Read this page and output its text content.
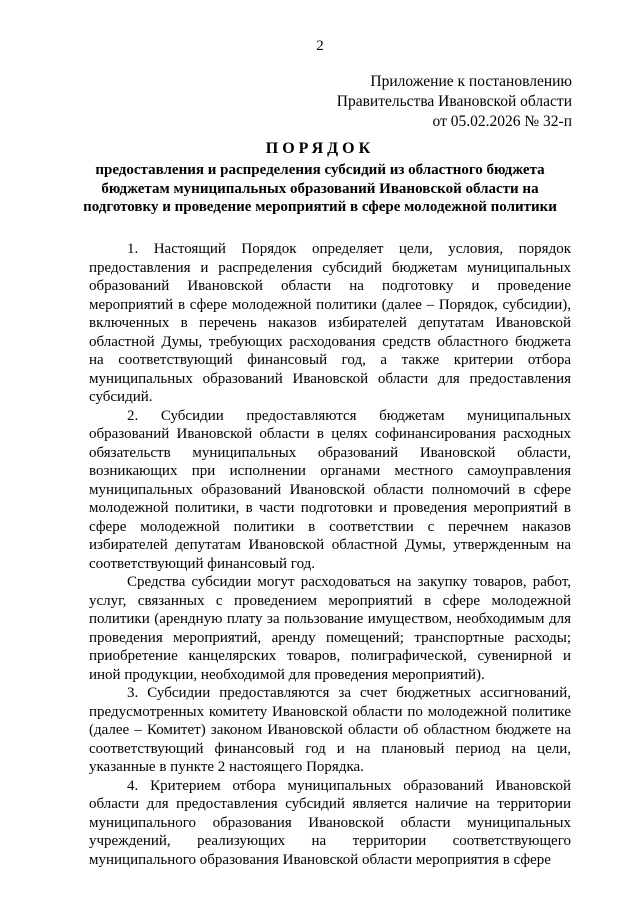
2
Приложение к постановлению
Правительства Ивановской области
от 05.02.2026 № 32-п
ПОРЯДОК
предоставления и распределения субсидий из областного бюджета бюджетам муниципальных образований Ивановской области на подготовку и проведение мероприятий в сфере молодежной политики

1. Настоящий Порядок определяет цели, условия, порядок предоставления и распределения субсидий бюджетам муниципальных образований Ивановской области на подготовку и проведение мероприятий в сфере молодежной политики (далее – Порядок, субсидии), включенных в перечень наказов избирателей депутатам Ивановской областной Думы, требующих расходования средств областного бюджета на соответствующий финансовый год, а также критерии отбора муниципальных образований Ивановской области для предоставления субсидий.

2. Субсидии предоставляются бюджетам муниципальных образований Ивановской области в целях софинансирования расходных обязательств муниципальных образований Ивановской области, возникающих при исполнении органами местного самоуправления муниципальных образований Ивановской области полномочий в сфере молодежной политики, в части подготовки и проведения мероприятий в сфере молодежной политики в соответствии с перечнем наказов избирателей депутатам Ивановской областной Думы, утвержденным на соответствующий финансовый год.

Средства субсидии могут расходоваться на закупку товаров, работ, услуг, связанных с проведением мероприятий в сфере молодежной политики (арендную плату за пользование имуществом, необходимым для проведения мероприятий, аренду помещений; транспортные расходы; приобретение канцелярских товаров, полиграфической, сувенирной и иной продукции, необходимой для проведения мероприятий).

3. Субсидии предоставляются за счет бюджетных ассигнований, предусмотренных комитету Ивановской области по молодежной политике (далее – Комитет) законом Ивановской области об областном бюджете на соответствующий финансовый год и на плановый период на цели, указанные в пункте 2 настоящего Порядка.

4. Критерием отбора муниципальных образований Ивановской области для предоставления субсидий является наличие на территории муниципального образования Ивановской области муниципальных учреждений, реализующих на территории соответствующего муниципального образования Ивановской области мероприятия в сфере
